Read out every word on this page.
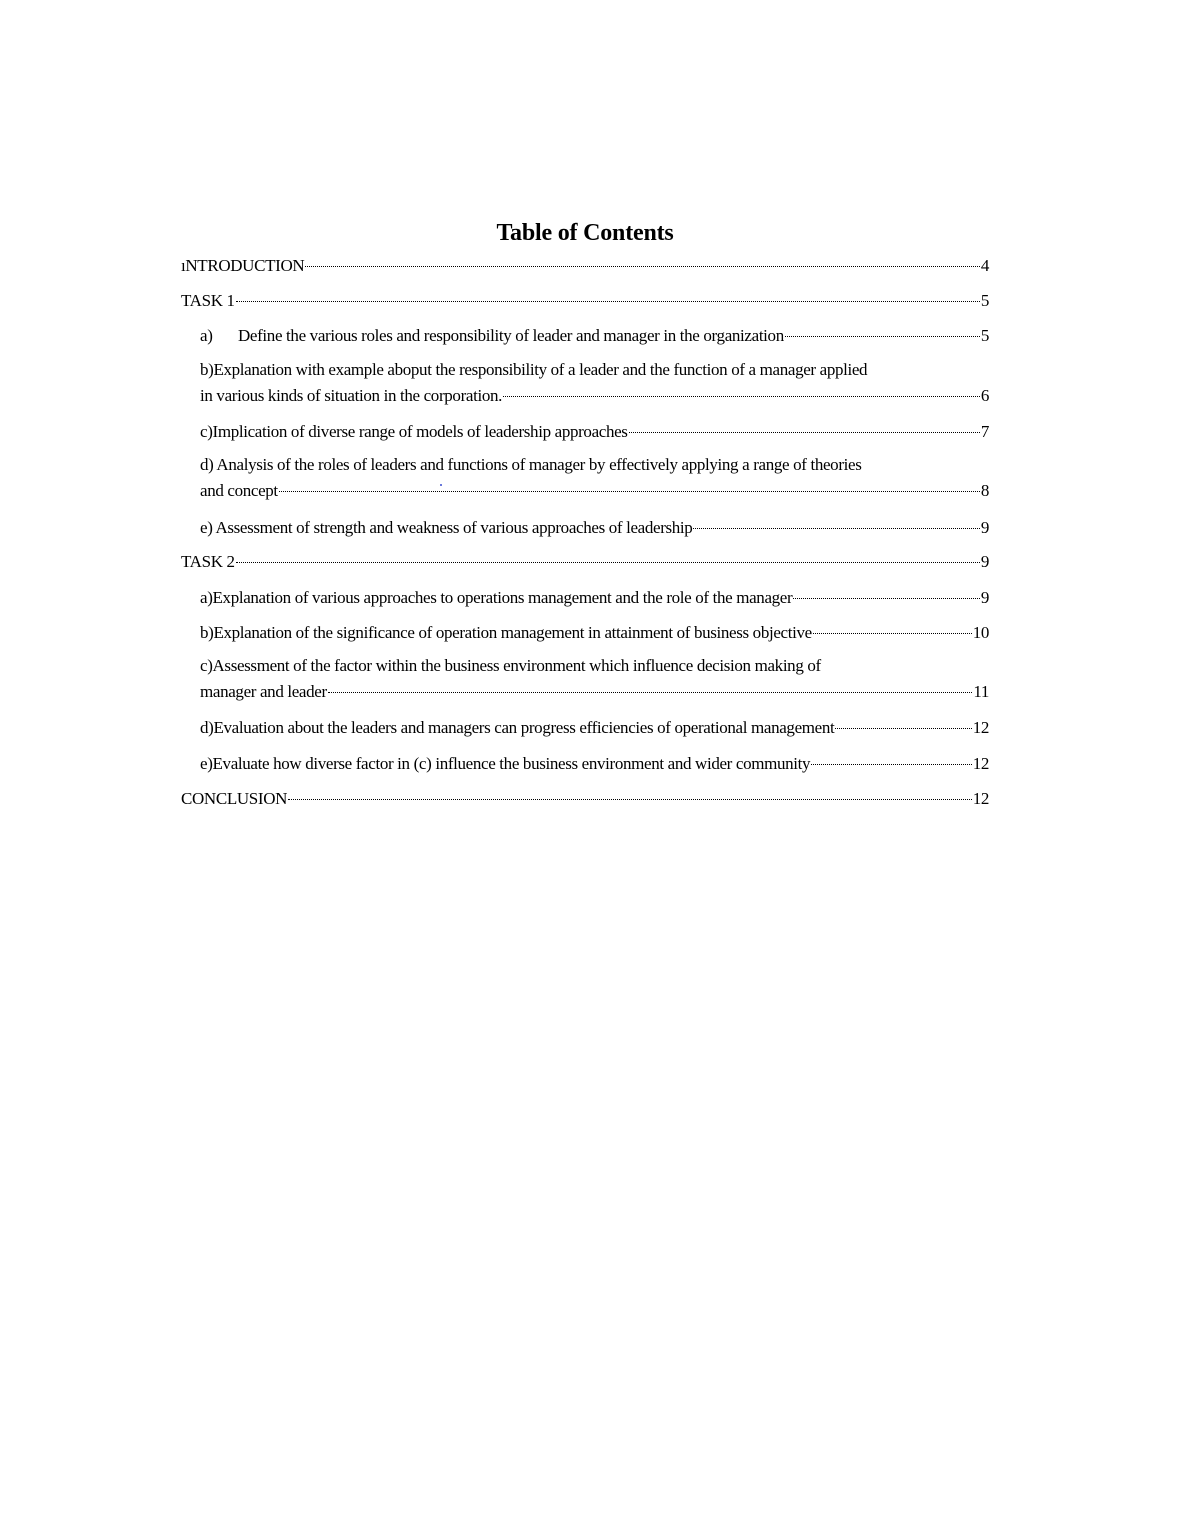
Table of Contents
ıNTRODUCTION	4
TASK 1	5
a)	Define the various roles and responsibility of leader and manager in the organization	5
b)Explanation with example aboput the responsibility of a leader and the function of a manager applied
in various kinds of situation in the corporation.	6
c)Implication of diverse range of models of leadership approaches	7
d) Analysis of the roles of leaders and functions of manager by effectively applying a range of theories
and concept	8
e) Assessment of strength and weakness of various approaches of leadership	9
TASK 2	9
a)Explanation of various approaches to operations management and the role of the manager	9
b)Explanation of the significance of operation management in attainment of business objective	10
c)Assessment of the factor within the business environment which influence decision making of
manager and leader	11
d)Evaluation about the leaders and managers can progress efficiencies of operational management	12
e)Evaluate how diverse factor in (c) influence the business environment and wider community	12
CONCLUSION	12
